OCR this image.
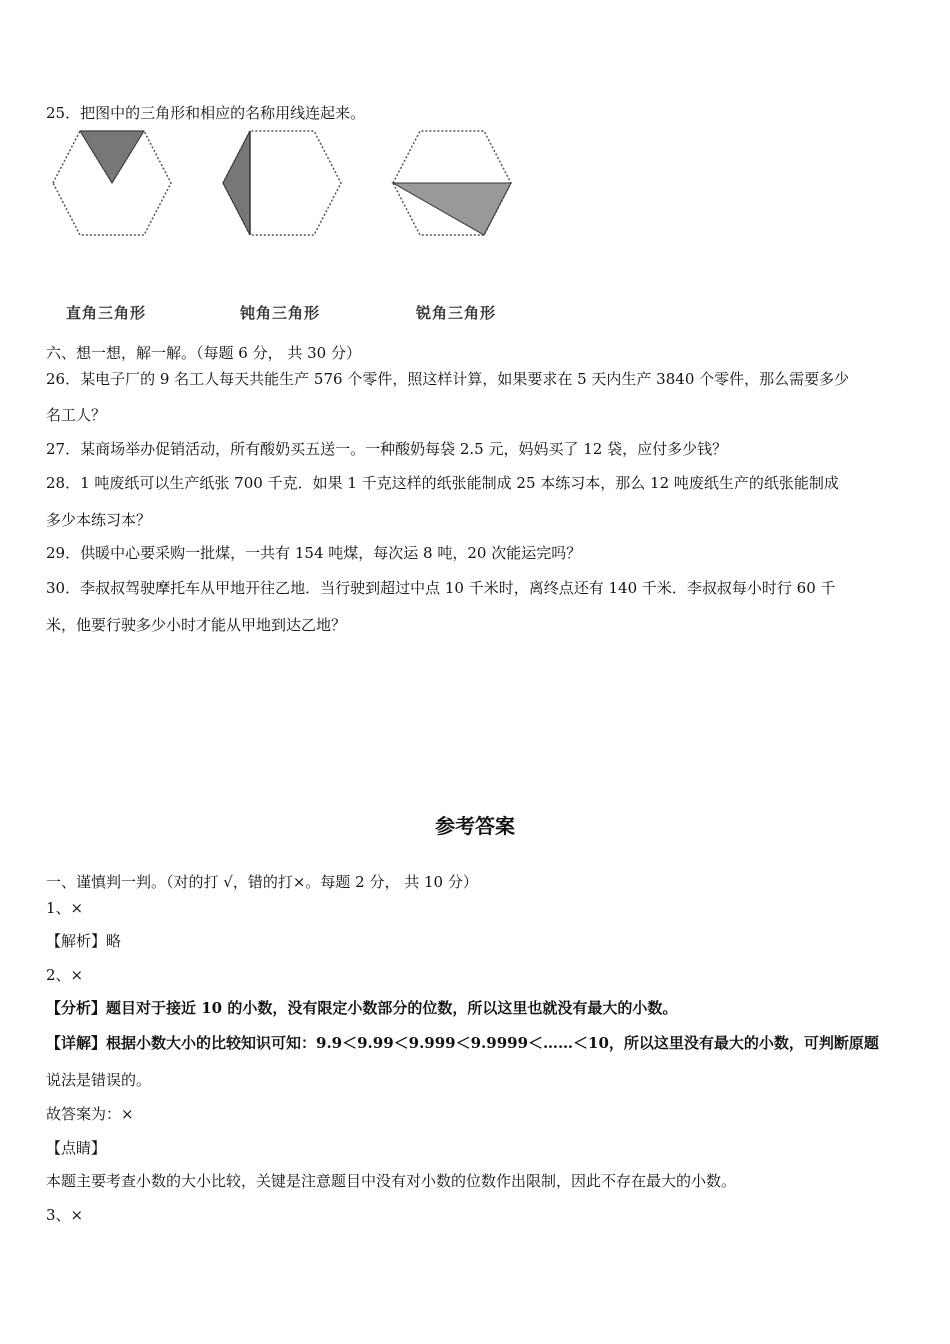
25．把图中的三角形和相应的名称用线连起来。
直角三角形	钝角三角形	锐角三角形
六、想一想，解一解。（每题 6 分， 共 30 分）
26．某电子厂的 9 名工人每天共能生产 576 个零件，照这样计算，如果要求在 5 天内生产 3840 个零件，那么需要多少
名工人？
27．某商场举办促销活动，所有酸奶买五送一。一种酸奶每袋 2.5 元，妈妈买了 12 袋，应付多少钱？
28．1 吨废纸可以生产纸张 700 千克．如果 1 千克这样的纸张能制成 25 本练习本，那么 12 吨废纸生产的纸张能制成
多少本练习本？
29．供暖中心要采购一批煤，一共有 154 吨煤，每次运 8 吨，20 次能运完吗？
30．李叔叔驾驶摩托车从甲地开往乙地．当行驶到超过中点 10 千米时，离终点还有 140 千米．李叔叔每小时行 60 千
米，他要行驶多少小时才能从甲地到达乙地？
参考答案
一、谨慎判一判。（对的打 √，错的打×。每题 2 分， 共 10 分）
1、×
【解析】略
2、×
【分析】题目对于接近 10 的小数，没有限定小数部分的位数，所以这里也就没有最大的小数。
【详解】根据小数大小的比较知识可知：9.9＜9.99＜9.999＜9.9999＜……＜10，所以这里没有最大的小数，可判断原题
说法是错误的。
故答案为：×
【点睛】
本题主要考查小数的大小比较，关键是注意题目中没有对小数的位数作出限制，因此不存在最大的小数。
3、×
